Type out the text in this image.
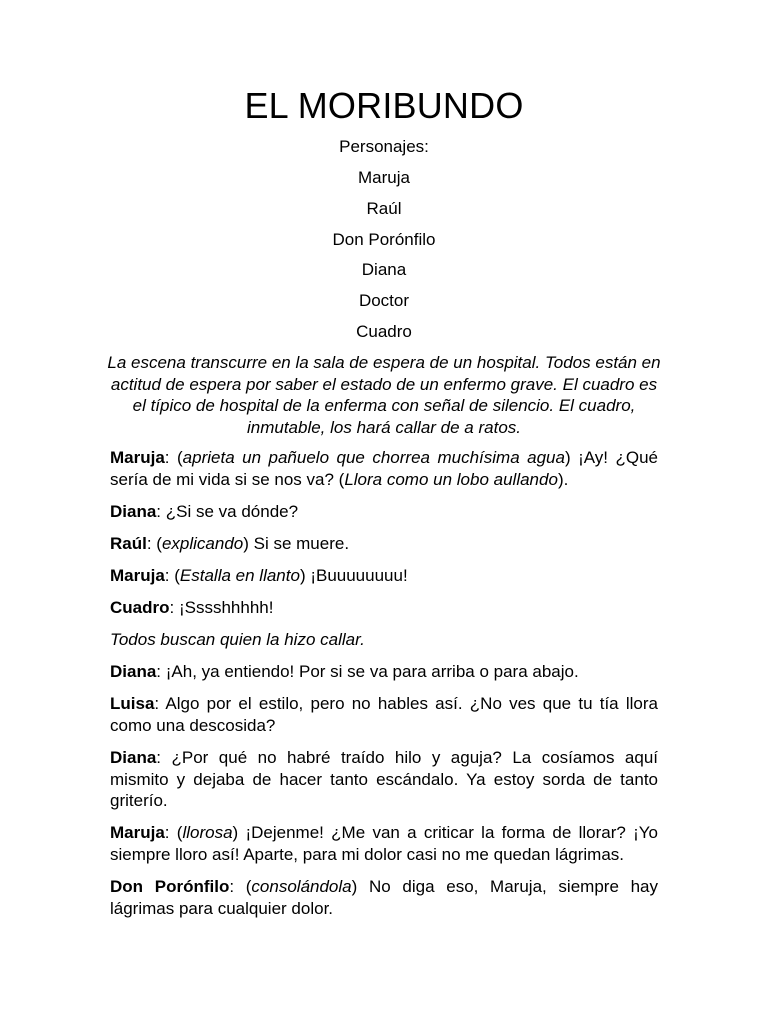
EL MORIBUNDO
Personajes:
Maruja
Raúl
Don Porónfilo
Diana
Doctor
Cuadro

La escena transcurre en la sala de espera de un hospital. Todos están en actitud de espera por saber el estado de un enfermo grave. El cuadro es el típico de hospital de la enferma con señal de silencio. El cuadro, inmutable, los hará callar de a ratos.

Maruja: (aprieta un pañuelo que chorrea muchísima agua) ¡Ay! ¿Qué sería de mi vida si se nos va? (Llora como un lobo aullando).

Diana: ¿Si se va dónde?

Raúl: (explicando) Si se muere.

Maruja: (Estalla en llanto) ¡Buuuuuuuu!

Cuadro: ¡Sssshhhhh!

Todos buscan quien la hizo callar.

Diana: ¡Ah, ya entiendo! Por si se va para arriba o para abajo.

Luisa: Algo por el estilo, pero no hables así. ¿No ves que tu tía llora como una descosida?

Diana: ¿Por qué no habré traído hilo y aguja? La cosíamos aquí mismito y dejaba de hacer tanto escándalo. Ya estoy sorda de tanto griterío.

Maruja: (llorosa) ¡Dejenme! ¿Me van a criticar la forma de llorar? ¡Yo siempre lloro así! Aparte, para mi dolor casi no me quedan lágrimas.

Don Porónfilo: (consolándola) No diga eso, Maruja, siempre hay lágrimas para cualquier dolor.
